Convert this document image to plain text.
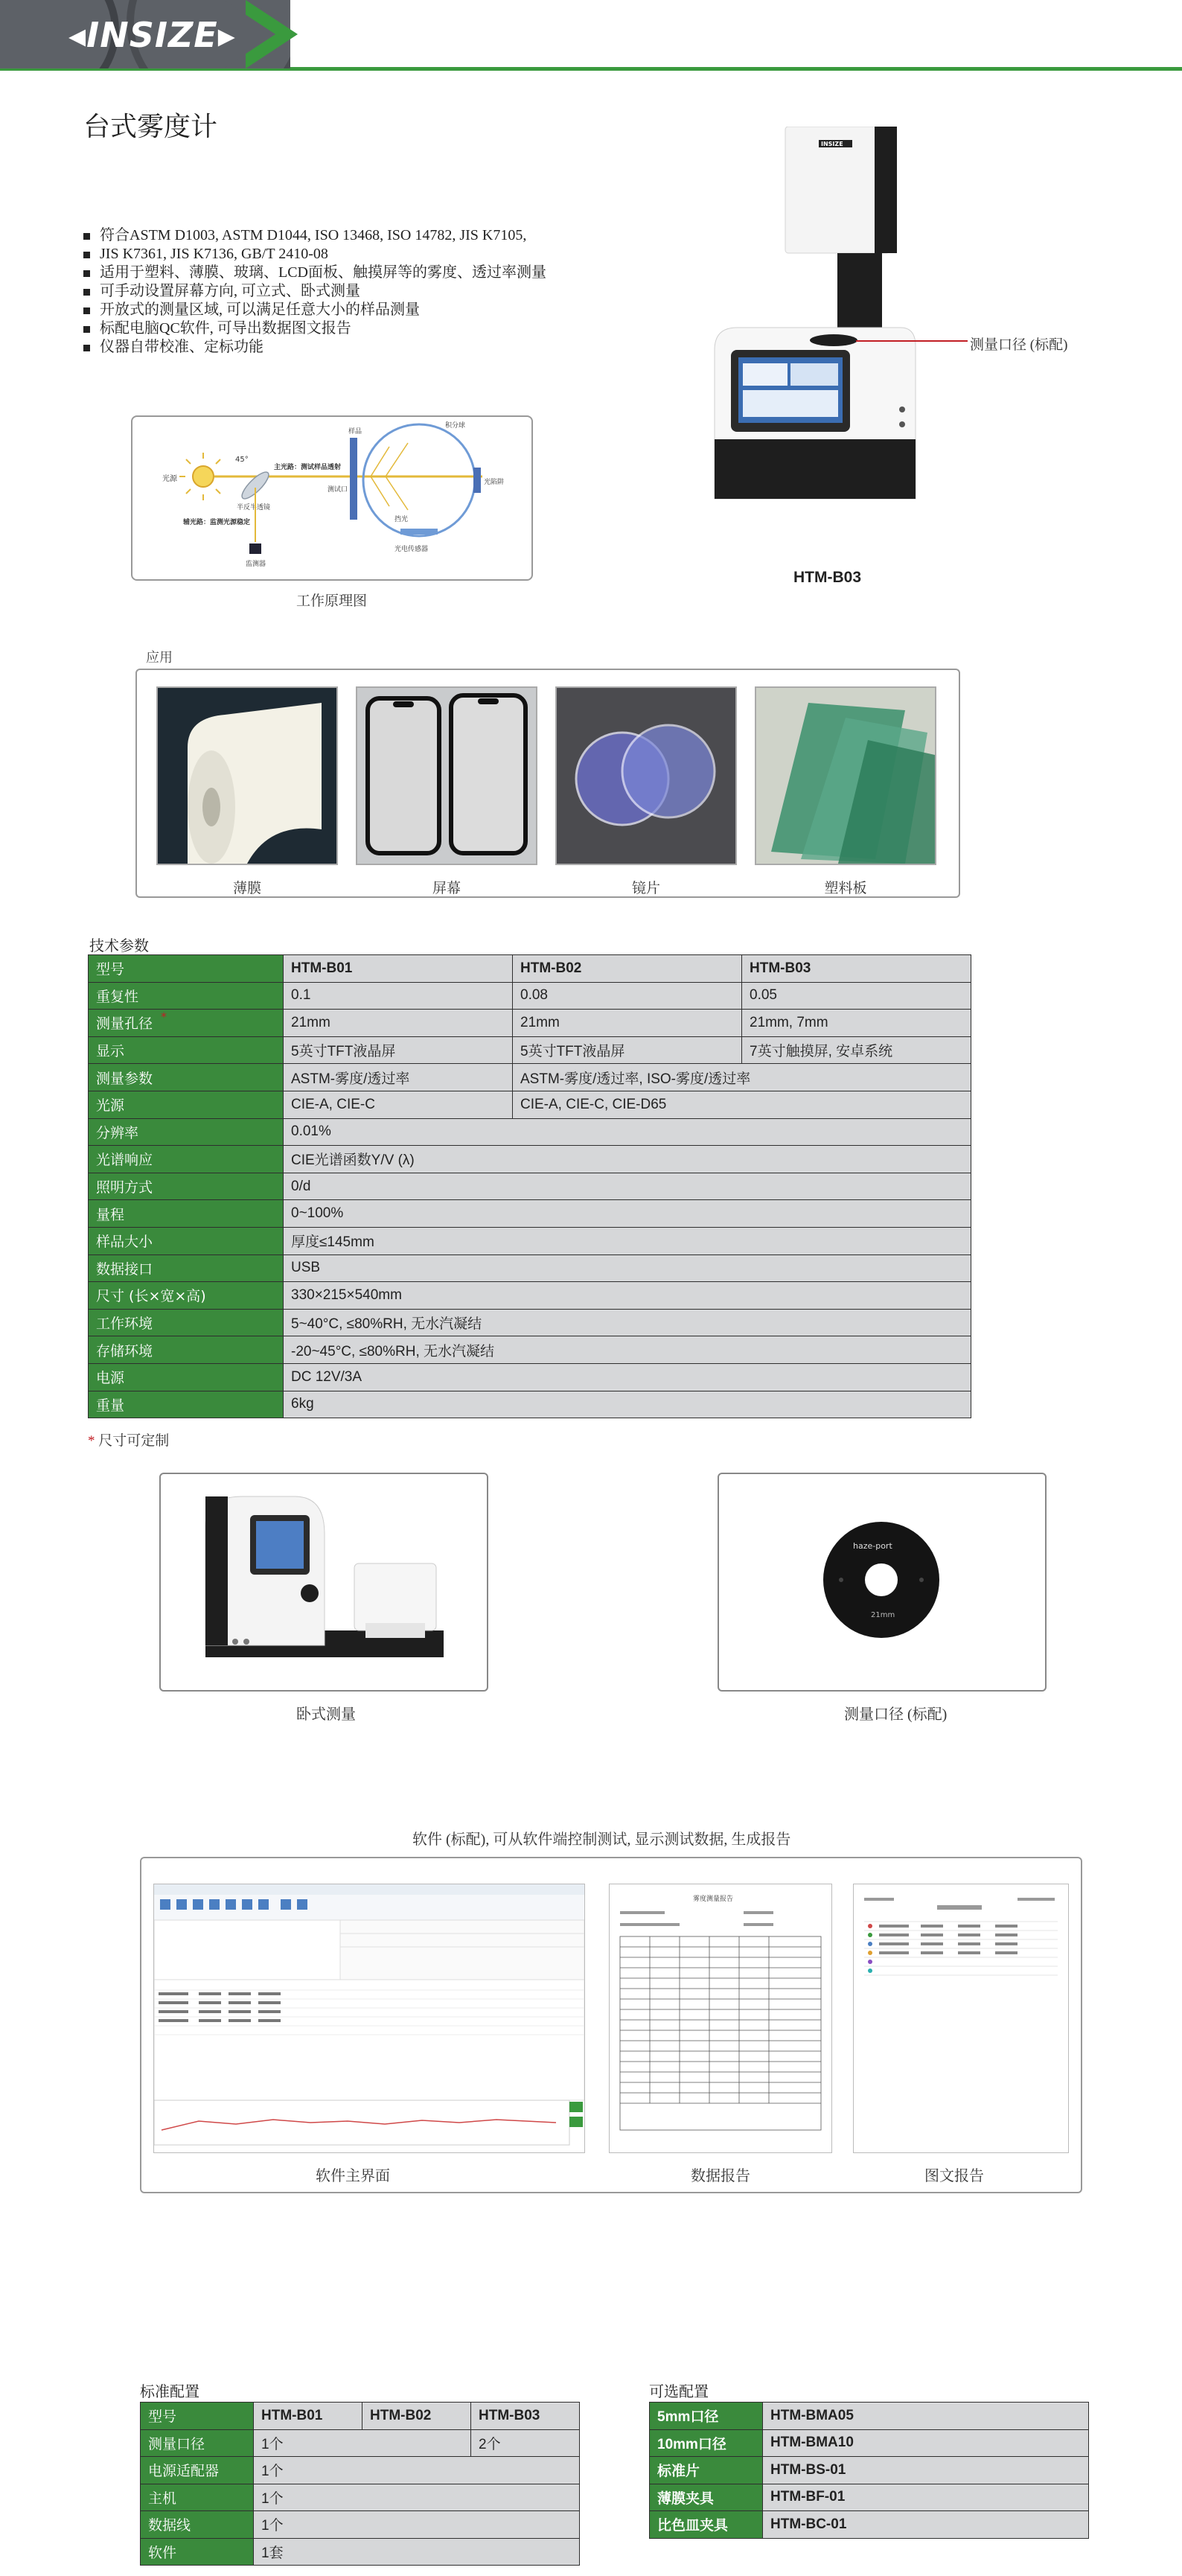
◂INSIZE▸
台式雾度计
符合ASTM D1003, ASTM D1044, ISO 13468, ISO 14782, JIS K7105,
JIS K7361, JIS K7136, GB/T 2410-08
适用于塑料、薄膜、玻璃、LCD面板、触摸屏等的雾度、透过率测量
可手动设置屏幕方向, 可立式、卧式测量
开放式的测量区域, 可以满足任意大小的样品测量
标配电脑QC软件, 可导出数据图文报告
仪器自带校准、定标功能
光源
45°
半反半透镜
主光路：测试样品透射
辅光路：监测光源稳定
监测器
样品
测试口
积分球
光陷阱
挡光
光电传感器
工作原理图
INSIZE
测量口径 (标配)
HTM-B03
应用
薄膜	屏幕	镜片	塑料板
技术参数
型号	HTM-B01	HTM-B02	HTM-B03
重复性	0.1	0.08	0.05
测量孔径	21mm	21mm	21mm, 7mm
显示	5英寸TFT液晶屏	5英寸TFT液晶屏	7英寸触摸屏, 安卓系统
测量参数	ASTM-雾度/透过率	ASTM-雾度/透过率, ISO-雾度/透过率	
光源	CIE-A, CIE-C	CIE-A, CIE-C, CIE-D65	
分辨率	0.01%		
光谱响应	CIE光谱函数Y/V (λ)		
照明方式	0/d		
量程	0~100%		
样品大小	厚度≤145mm		
数据接口	USB		
尺寸 (长×宽×高)	330×215×540mm		
工作环境	5~40°C, ≤80%RH, 无水汽凝结		
存储环境	-20~45°C, ≤80%RH, 无水汽凝结		
电源	DC 12V/3A		
重量	6kg		
*
* 尺寸可定制
卧式测量
haze-port
21mm
测量口径 (标配)
软件 (标配), 可从软件端控制测试, 显示测试数据, 生成报告
雾度测量报告
软件主界面	数据报告	图文报告
标准配置
型号	HTM-B01	HTM-B02	HTM-B03
测量口径	1个		2个
电源适配器	1个		
主机	1个		
数据线	1个		
软件	1套		
可选配置
5mm口径	HTM-BMA05
10mm口径	HTM-BMA10
标准片	HTM-BS-01
薄膜夹具	HTM-BF-01
比色皿夹具	HTM-BC-01
